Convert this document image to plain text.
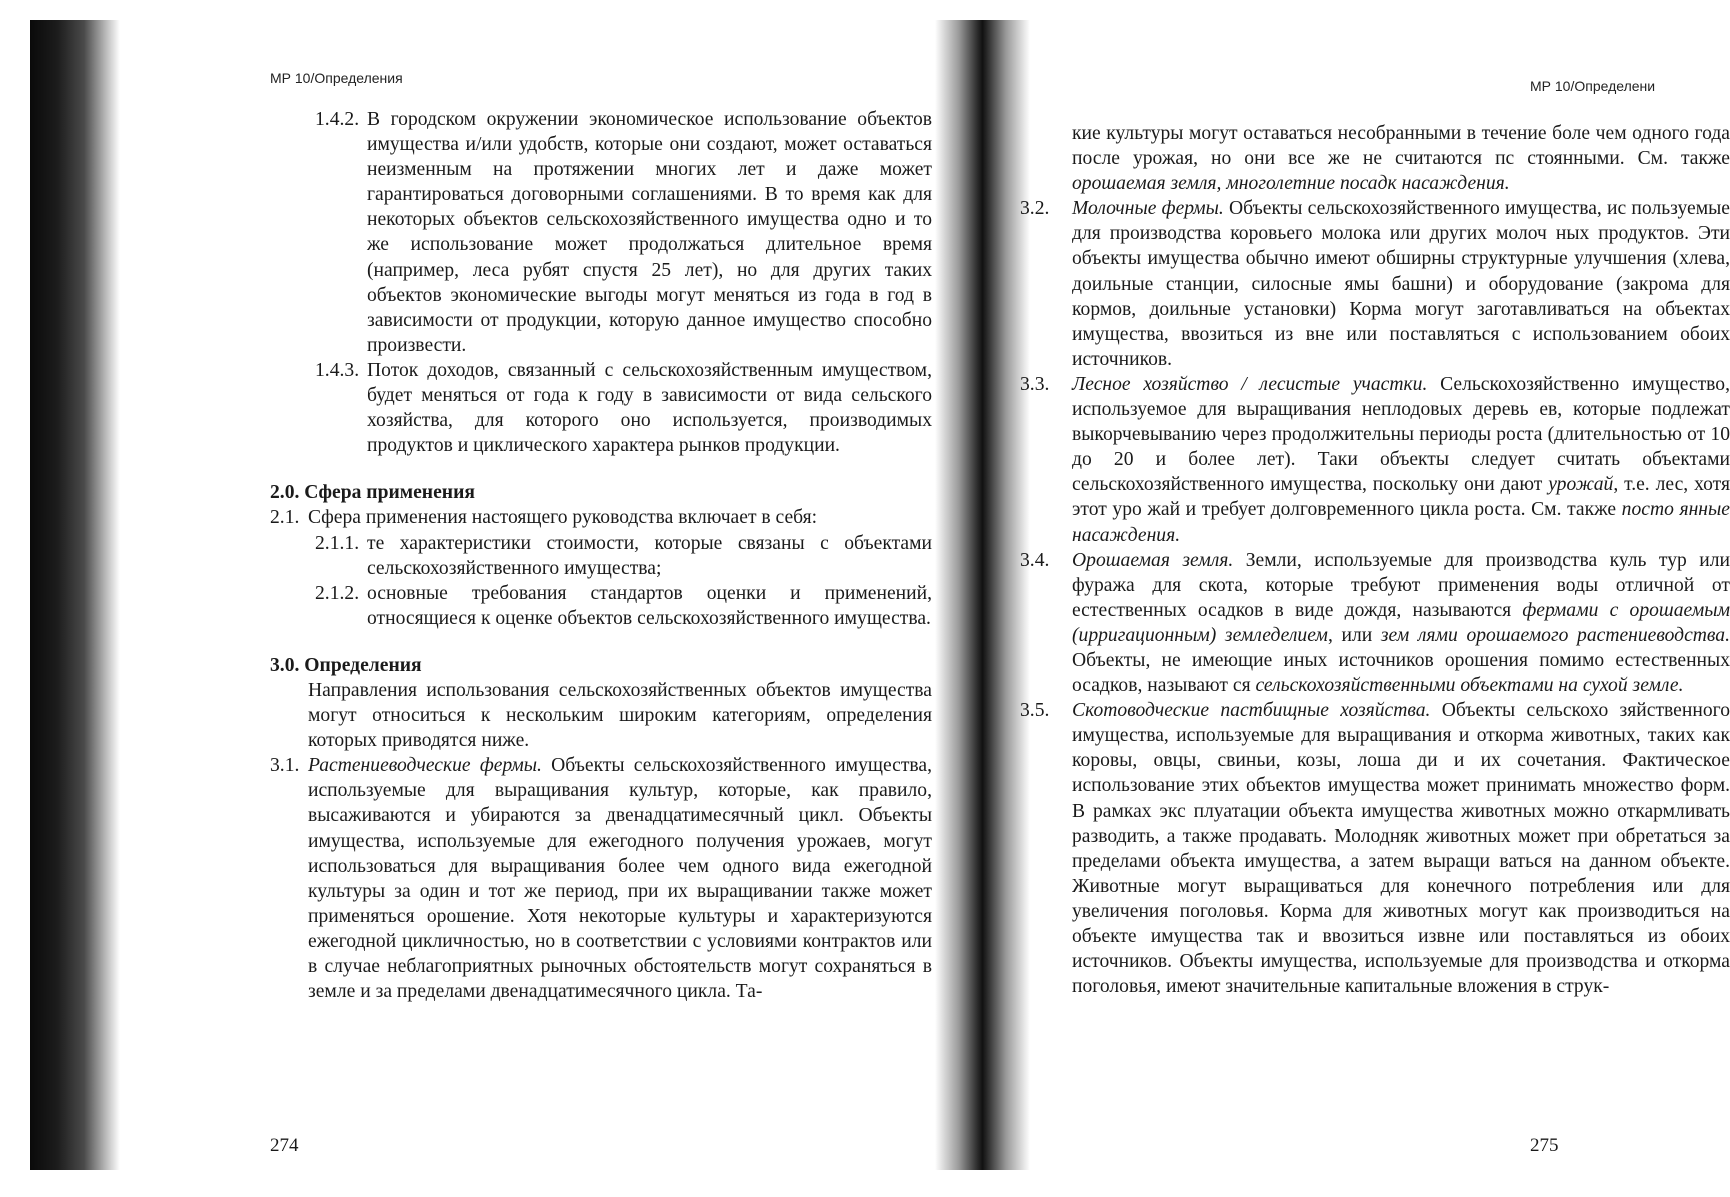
МР 10/Определения

1.4.2. В городском окружении экономическое использование объектов имущества и/или удобств, которые они создают, может оставаться неизменным на протяжении многих лет и даже может гарантироваться договорными соглашениями. В то время как для некоторых объектов сельскохозяйственного имущества одно и то же использование может продолжаться длительное время (например, леса рубят спустя 25 лет), но для других таких объектов экономические выгоды могут меняться из года в год в зависимости от продукции, которую данное имущество способно произвести.

1.4.3. Поток доходов, связанный с сельскохозяйственным имуществом, будет меняться от года к году в зависимости от вида сельского хозяйства, для которого оно используется, производимых продуктов и циклического характера рынков продукции.

2.0. Сфера применения

2.1. Сфера применения настоящего руководства включает в себя:

2.1.1. те характеристики стоимости, которые связаны с объектами сельскохозяйственного имущества;

2.1.2. основные требования стандартов оценки и применений, относящиеся к оценке объектов сельскохозяйственного имущества.

3.0. Определения

Направления использования сельскохозяйственных объектов имущества могут относиться к нескольким широким категориям, определения которых приводятся ниже.

3.1. Растениеводческие фермы. Объекты сельскохозяйственного имущества, используемые для выращивания культур, которые, как правило, высаживаются и убираются за двенадцатимесячный цикл. Объекты имущества, используемые для ежегодного получения урожаев, могут использоваться для выращивания более чем одного вида ежегодной культуры за один и тот же период, при их выращивании также может применяться орошение. Хотя некоторые культуры и характеризуются ежегодной цикличностью, но в соответствии с условиями контрактов или в случае неблагоприятных рыночных обстоятельств могут сохраняться в земле и за пределами двенадцатимесячного цикла. Та-

274
МР 10/Определени

кие культуры могут оставаться несобранными в течение боле чем одного года после урожая, но они все же не считаются пс стоянными. См. также орошаемая земля, многолетние посадк насаждения.

3.2. Молочные фермы. Объекты сельскохозяйственного имущества, ис пользуемые для производства коровьего молока или других молоч ных продуктов. Эти объекты имущества обычно имеют обширны структурные улучшения (хлева, доильные станции, силосные ямы башни) и оборудование (закрома для кормов, доильные установки) Корма могут заготавливаться на объектах имущества, ввозиться из вне или поставляться с использованием обоих источников.

3.3. Лесное хозяйство / лесистые участки. Сельскохозяйственно имущество, используемое для выращивания неплодовых деревь ев, которые подлежат выкорчевыванию через продолжительны периоды роста (длительностью от 10 до 20 и более лет). Таки объекты следует считать объектами сельскохозяйственного имущества, поскольку они дают урожай, т.е. лес, хотя этот уро жай и требует долговременного цикла роста. См. также посто янные насаждения.

3.4. Орошаемая земля. Земли, используемые для производства куль тур или фуража для скота, которые требуют применения воды отличной от естественных осадков в виде дождя, называются фермами с орошаемым (ирригационным) земледелием, или зем лями орошаемого растениеводства. Объекты, не имеющие иных источников орошения помимо естественных осадков, называют ся сельскохозяйственными объектами на сухой земле.

3.5. Скотоводческие пастбищные хозяйства. Объекты сельскохо зяйственного имущества, используемые для выращивания и откорма животных, таких как коровы, овцы, свиньи, козы, лоша ди и их сочетания. Фактическое использование этих объектов имущества может принимать множество форм. В рамках экс плуатации объекта имущества животных можно откармливать разводить, а также продавать. Молодняк животных может при обретаться за пределами объекта имущества, а затем выращи ваться на данном объекте. Животные могут выращиваться для конечного потребления или для увеличения поголовья. Корма для животных могут как производиться на объекте имущества так и ввозиться извне или поставляться из обоих источников. Объекты имущества, используемые для производства и откорма поголовья, имеют значительные капитальные вложения в струк-

275
